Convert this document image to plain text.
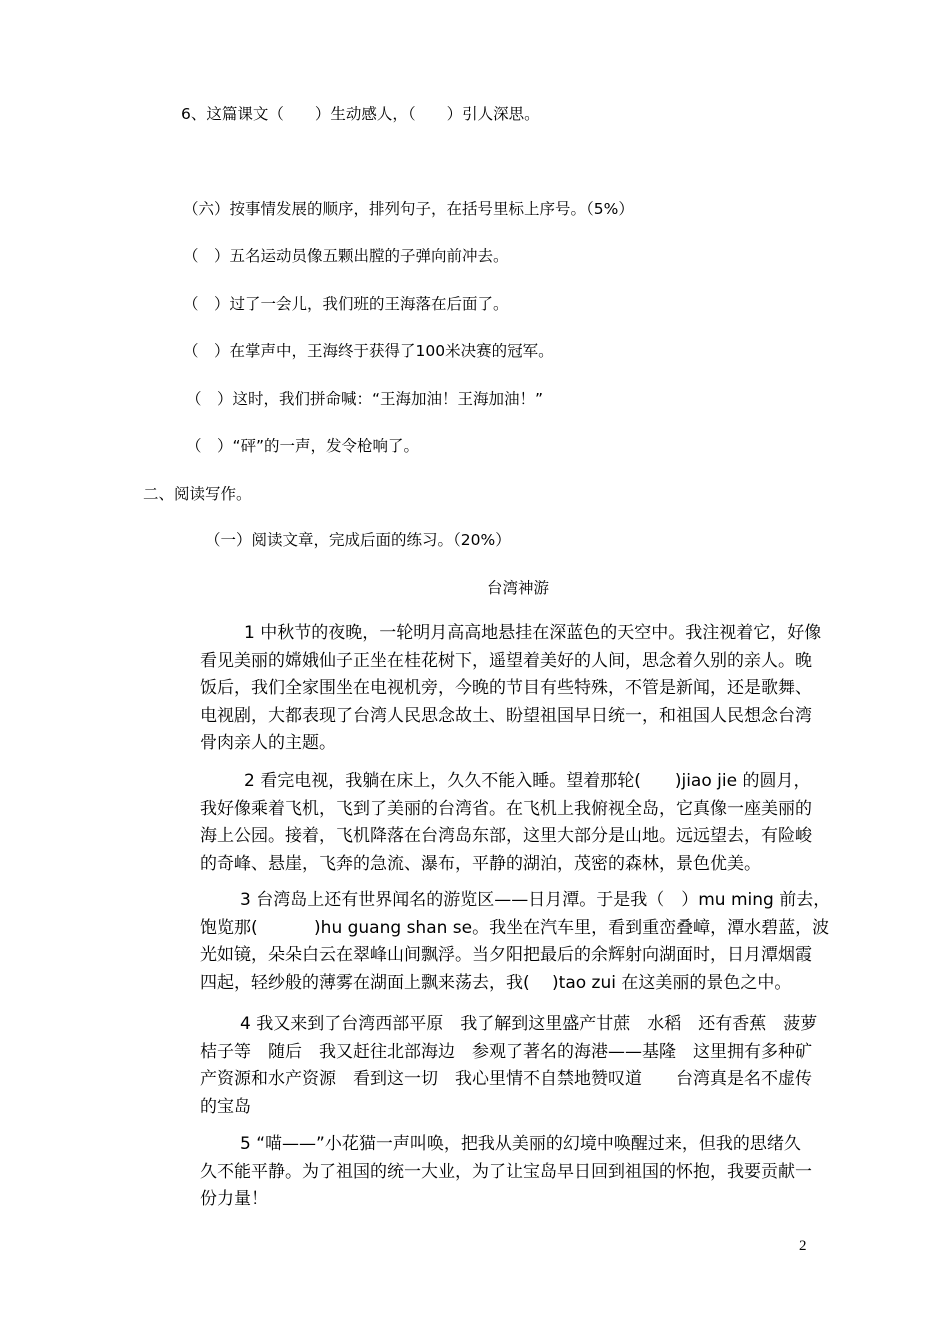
6、这篇课文（　　）生动感人，（　　）引人深思。
（六）按事情发展的顺序，排列句子，在括号里标上序号。（5%）
（　）五名运动员像五颗出膛的子弹向前冲去。
（　）过了一会儿，我们班的王海落在后面了。
（　）在掌声中，王海终于获得了100米决赛的冠军。
（　）这时，我们拼命喊：“王海加油！王海加油！”
（　）“砰”的一声，发令枪响了。
二、阅读写作。
（一）阅读文章，完成后面的练习。（20%）
台湾神游
1 中秋节的夜晚，一轮明月高高地悬挂在深蓝色的天空中。我注视着它，好像
看见美丽的嫦娥仙子正坐在桂花树下，遥望着美好的人间，思念着久别的亲人。晚
饭后，我们全家围坐在电视机旁，今晚的节目有些特殊，不管是新闻，还是歌舞、
电视剧，大都表现了台湾人民思念故土、盼望祖国早日统一，和祖国人民想念台湾
骨肉亲人的主题。
2 看完电视，我躺在床上，久久不能入睡。望着那轮(　　)jiao jie 的圆月，
我好像乘着飞机，飞到了美丽的台湾省。在飞机上我俯视全岛，它真像一座美丽的
海上公园。接着，飞机降落在台湾岛东部，这里大部分是山地。远远望去，有险峻
的奇峰、悬崖，飞奔的急流、瀑布，平静的湖泊，茂密的森林，景色优美。
3 台湾岛上还有世界闻名的游览区——日月潭。于是我（　）mu ming 前去，
饱览那(　　　 )hu guang shan se。我坐在汽车里，看到重峦叠嶂，潭水碧蓝，波
光如镜，朵朵白云在翠峰山间飘浮。当夕阳把最后的余辉射向湖面时，日月潭烟霞
四起，轻纱般的薄雾在湖面上飘来荡去，我(　 )tao zui 在这美丽的景色之中。
4 我又来到了台湾西部平原　我了解到这里盛产甘蔗　水稻　还有香蕉　菠萝
桔子等　随后　我又赶往北部海边　参观了著名的海港——基隆　这里拥有多种矿
产资源和水产资源　看到这一切　我心里情不自禁地赞叹道　　台湾真是名不虚传
的宝岛
5 “喵——”小花猫一声叫唤，把我从美丽的幻境中唤醒过来，但我的思绪久
久不能平静。为了祖国的统一大业，为了让宝岛早日回到祖国的怀抱，我要贡献一
份力量！
2
